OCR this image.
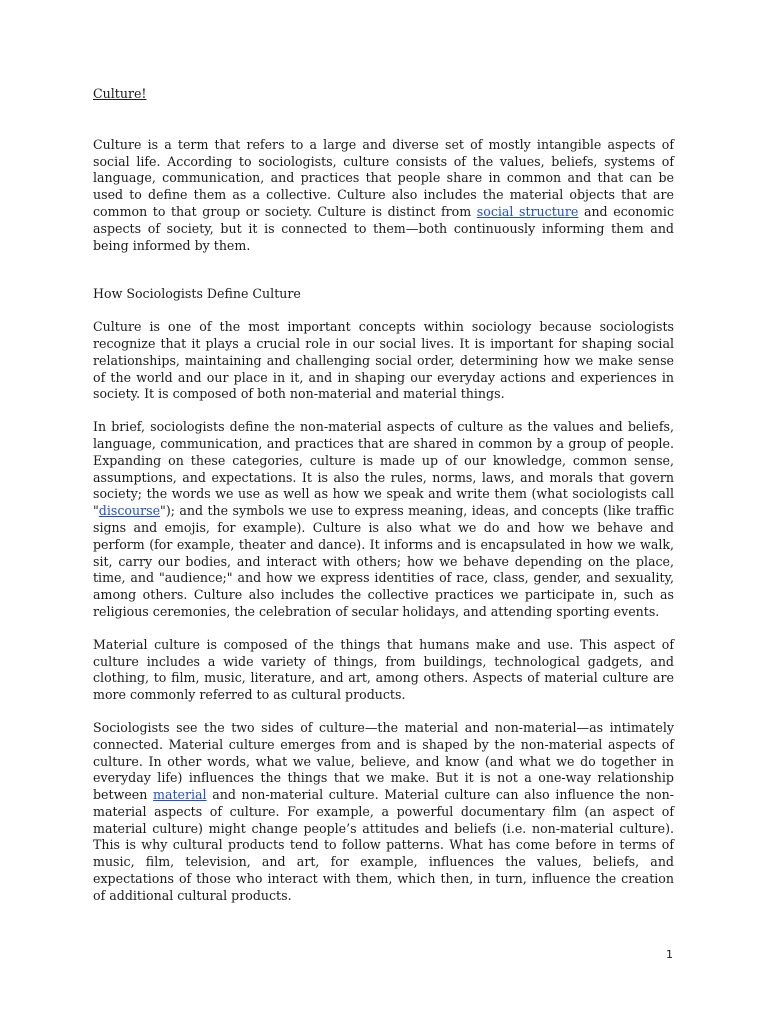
Culture!

Culture is a term that refers to a large and diverse set of mostly intangible aspects of social life. According to sociologists, culture consists of the values, beliefs, systems of language, communication, and practices that people share in common and that can be used to define them as a collective. Culture also includes the material objects that are common to that group or society. Culture is distinct from social structure and economic aspects of society, but it is connected to them—both continuously informing them and being informed by them.

How Sociologists Define Culture

Culture is one of the most important concepts within sociology because sociologists recognize that it plays a crucial role in our social lives. It is important for shaping social relationships, maintaining and challenging social order, determining how we make sense of the world and our place in it, and in shaping our everyday actions and experiences in society. It is composed of both non-material and material things.

In brief, sociologists define the non-material aspects of culture as the values and beliefs, language, communication, and practices that are shared in common by a group of people. Expanding on these categories, culture is made up of our knowledge, common sense, assumptions, and expectations. It is also the rules, norms, laws, and morals that govern society; the words we use as well as how we speak and write them (what sociologists call "discourse"); and the symbols we use to express meaning, ideas, and concepts (like traffic signs and emojis, for example). Culture is also what we do and how we behave and perform (for example, theater and dance). It informs and is encapsulated in how we walk, sit, carry our bodies, and interact with others; how we behave depending on the place, time, and "audience;" and how we express identities of race, class, gender, and sexuality, among others. Culture also includes the collective practices we participate in, such as religious ceremonies, the celebration of secular holidays, and attending sporting events.

Material culture is composed of the things that humans make and use. This aspect of culture includes a wide variety of things, from buildings, technological gadgets, and clothing, to film, music, literature, and art, among others. Aspects of material culture are more commonly referred to as cultural products.

Sociologists see the two sides of culture—the material and non-material—as intimately connected. Material culture emerges from and is shaped by the non-material aspects of culture. In other words, what we value, believe, and know (and what we do together in everyday life) influences the things that we make. But it is not a one-way relationship between material and non-material culture. Material culture can also influence the non-material aspects of culture. For example, a powerful documentary film (an aspect of material culture) might change people’s attitudes and beliefs (i.e. non-material culture). This is why cultural products tend to follow patterns. What has come before in terms of music, film, television, and art, for example, influences the values, beliefs, and expectations of those who interact with them, which then, in turn, influence the creation of additional cultural products.

1
